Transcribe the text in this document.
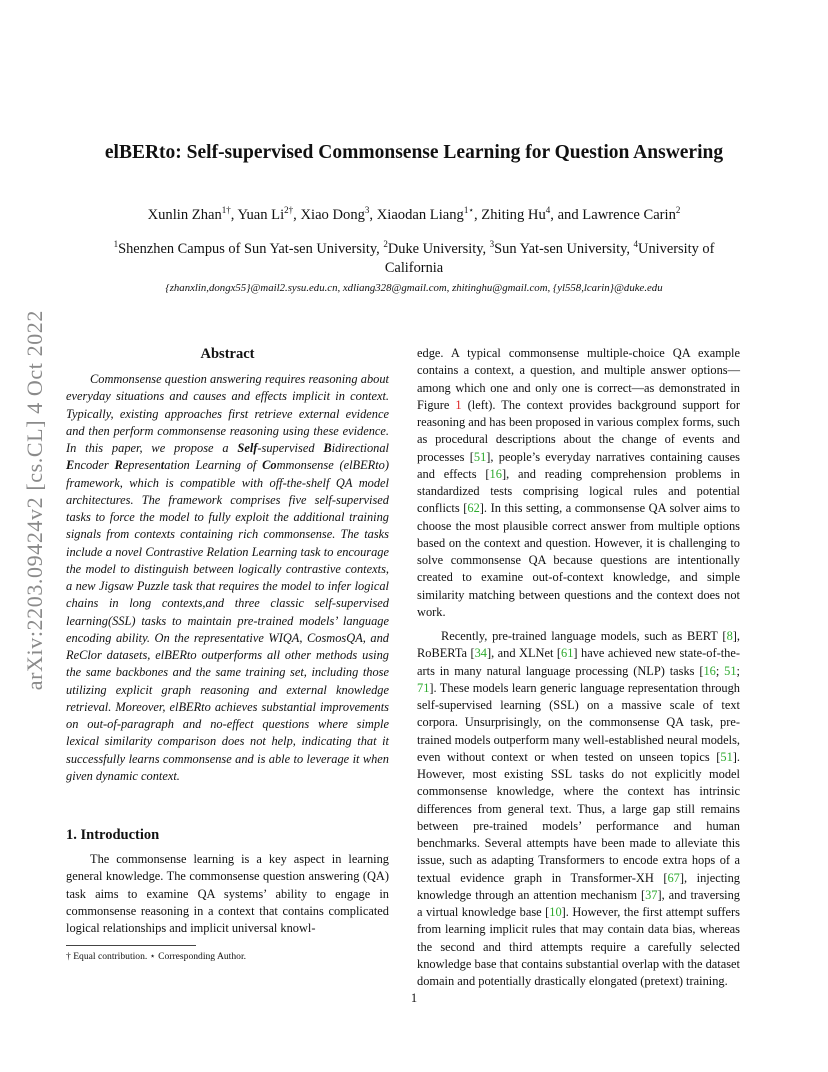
arXiv:2203.09424v2 [cs.CL] 4 Oct 2022
elBERto: Self-supervised Commonsense Learning for Question Answering
Xunlin Zhan$^{1\dagger}$, Yuan $Li^{2\dagger}$, Xiao Dong$^3$, Xiaodan Liang$^{1⋆}$, Zhiting Hu$^4$, and Lawrence Carin$^2$
$^1$Shenzhen Campus of Sun Yat-sen University, $^2$Duke University, $^3$Sun Yat-sen University, $^4$University of
California
{zhanxlin,dongx55}@mail2.sysu.edu.cn, xdliang328@gmail.com, zhitinghu@gmail.com, {yl558,lcarin}@duke.edu
Abstract

Commonsense question answering requires reasoning about everyday situations and causes and effects implicit in context. Typically, existing approaches first retrieve external evidence and then perform commonsense reasoning using these evidence. In this paper, we propose a Self-supervised Bidirectional Encoder Representation Learning of Commonsense (elBERto) framework, which is compatible with off-the-shelf QA model architectures. The framework comprises five self-supervised tasks to force the model to fully exploit the additional training signals from contexts containing rich commonsense. The tasks include a novel Contrastive Relation Learning task to encourage the model to distinguish between logically contrastive contexts, a new Jigsaw Puzzle task that requires the model to infer logical chains in long contexts,and three classic self-supervised learning(SSL) tasks to maintain pre-trained models’ language encoding ability. On the representative WIQA, CosmosQA, and ReClor datasets, elBERto outperforms all other methods using the same backbones and the same training set, including those utilizing explicit graph reasoning and external knowledge retrieval. Moreover, elBERto achieves substantial improvements on out-of-paragraph and no-effect questions where simple lexical similarity comparison does not help, indicating that it successfully learns commonsense and is able to leverage it when given dynamic context.

1. Introduction

The commonsense learning is a key aspect in learning general knowledge. The commonsense question answering (QA) task aims to examine QA systems’ ability to engage in commonsense reasoning in a context that contains complicated logical relationships and implicit universal knowl-

edge. A typical commonsense multiple-choice QA example contains a context, a question, and multiple answer options—among which one and only one is correct—as demonstrated in Figure 1 (left). The context provides background support for reasoning and has been proposed in various complex forms, such as procedural descriptions about the change of events and processes [51], people’s everyday narratives containing causes and effects [16], and reading comprehension problems in standardized tests comprising logical rules and potential conflicts [62]. In this setting, a commonsense QA solver aims to choose the most plausible correct answer from multiple options based on the context and question. However, it is challenging to solve commonsense QA because questions are intentionally created to examine out-of-context knowledge, and simple similarity matching between questions and the context does not work.

Recently, pre-trained language models, such as BERT [8], RoBERTa [34], and XLNet [61] have achieved new state-of-the-arts in many natural language processing (NLP) tasks [16; 51; 71]. These models learn generic language representation through self-supervised learning (SSL) on a massive scale of text corpora. Unsurprisingly, on the commonsense QA task, pre-trained models outperform many well-established neural models, even without context or when tested on unseen topics [51]. However, most existing SSL tasks do not explicitly model commonsense knowledge, where the context has intrinsic differences from general text. Thus, a large gap still remains between pre-trained models’ performance and human benchmarks. Several attempts have been made to alleviate this issue, such as adapting Transformers to encode extra hops of a textual evidence graph in Transformer-XH [67], injecting knowledge through an attention mechanism [37], and traversing a virtual knowledge base [10]. However, the first attempt suffers from learning implicit rules that may contain data bias, whereas the second and third attempts require a carefully selected knowledge base that contains substantial overlap with the dataset domain and potentially drastically elongated (pretext) training.

† Equal contribution. ⋆ Corresponding Author.
1
